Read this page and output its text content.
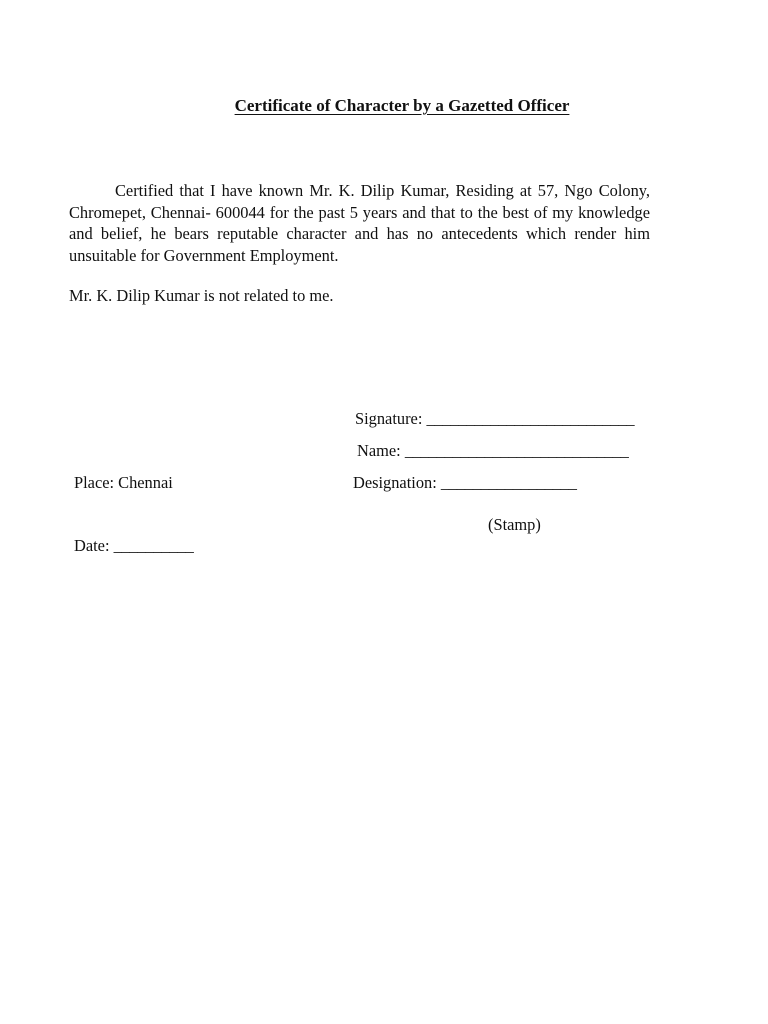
Certificate of Character by a Gazetted Officer

Certified that I have known Mr. K. Dilip Kumar, Residing at 57, Ngo Colony, Chromepet, Chennai- 600044 for the past 5 years and that to the best of my knowledge and belief, he bears reputable character and has no antecedents which render him unsuitable for Government Employment.

Mr. K. Dilip Kumar is not related to me.

Signature: __________________________

Name: ____________________________

Place: Chennai	Designation: _________________

(Stamp)

Date: __________
